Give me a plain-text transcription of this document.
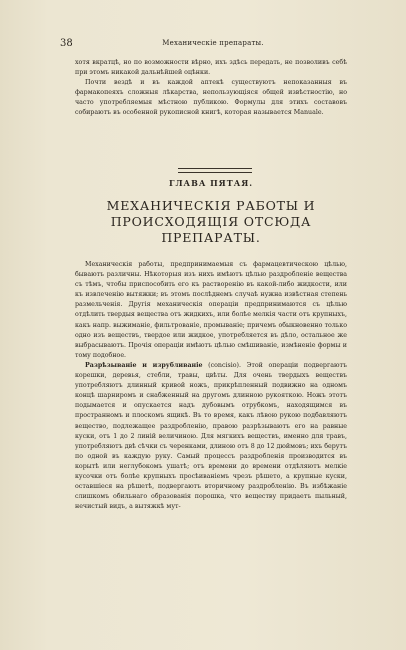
38	Механическiе препараты.

хотя вкратцѣ, но по возможности вѣрно, ихъ здѣсь передать, не позволивъ себѣ при этомъ никакой дальнѣйшей оцѣнки.

Почти вездѣ и въ каждой аптекѣ существуютъ непоказанныя въ фармакопеяхъ сложныя лѣкарства, непользующiяся общей извѣстностiю, но часто употребляемыя мѣстною публикою. Формулы для этихъ составовъ собираютъ въ особенной рукописной книгѣ, которая называется Manuale.

ГЛАВА ПЯТАЯ.
МЕХАНИЧЕСКIЯ РАБОТЫ И ПРОИСХОДЯЩIЯ ОТСЮДА ПРЕПАРАТЫ.

Механическiя работы, предпринимаемыя съ фармацевтическою цѣлью, бываютъ различны. Нѣкоторыя изъ нихъ имѣютъ цѣлью раздробленiе вещества съ тѣмъ, чтобы приспособить его къ растворенiю въ какой-либо жидкости, или къ извлеченiю вытяжки; въ этомъ послѣднемъ случаѣ нужна извѣстная степень размельченiя. Другiя механическiя операцiи предпринимаются съ цѣлью отдѣлить твердыя вещества отъ жидкихъ, или болѣе мелкiя части отъ крупныхъ, какъ напр. выжиманiе, фильтрованiе, промыванiе; причемъ обыкновенно только одно изъ веществъ, твердое или жидкое, употребляется въ дѣло, остальное же выбрасываютъ. Прочiя операцiи имѣютъ цѣлью смѣшиванiе, измѣненiе формы и тому подобное.

Разрѣзыванiе и изрубливанiе (concisio). Этой операцiи подвергаютъ корешки, деревья, стебли, травы, цвѣты. Для очень твердыхъ веществъ употребляютъ длинный кривой ножъ, прикрѣпленный подвижно на одномъ концѣ шарниромъ и снабженный на другомъ длинною рукояткою. Ножъ этотъ подымается и опускается надъ дубовымъ отрубкомъ, находящимся въ пространномъ и плоскомъ ящикѣ. Въ то время, какъ лѣвою рукою подбавляютъ вещество, подлежащее раздробленiю, правою разрѣзываютъ его на равные куски, отъ 1 до 2 линiй величиною. Для мягкихъ веществъ, именно для травъ, употребляютъ двѣ сѣчки съ черенками, длиною отъ 8 до 12 дюймовъ; ихъ берутъ по одной въ каждую руку. Самый процессъ раздробленiя производится въ корытѣ или неглубокомъ ушатѣ; отъ времени до времени отдѣляютъ мелкiе кусочки отъ болѣе крупныхъ просѣиванiемъ чрезъ рѣшето, а крупные куски, оставшiеся на рѣшетѣ, подвергаютъ вторичному раздробленiю. Въ избѣжанiе слишкомъ обильнаго образованiя порошка, что веществу придаетъ пыльный, нечистый видъ, а вытяжкѣ мут-
